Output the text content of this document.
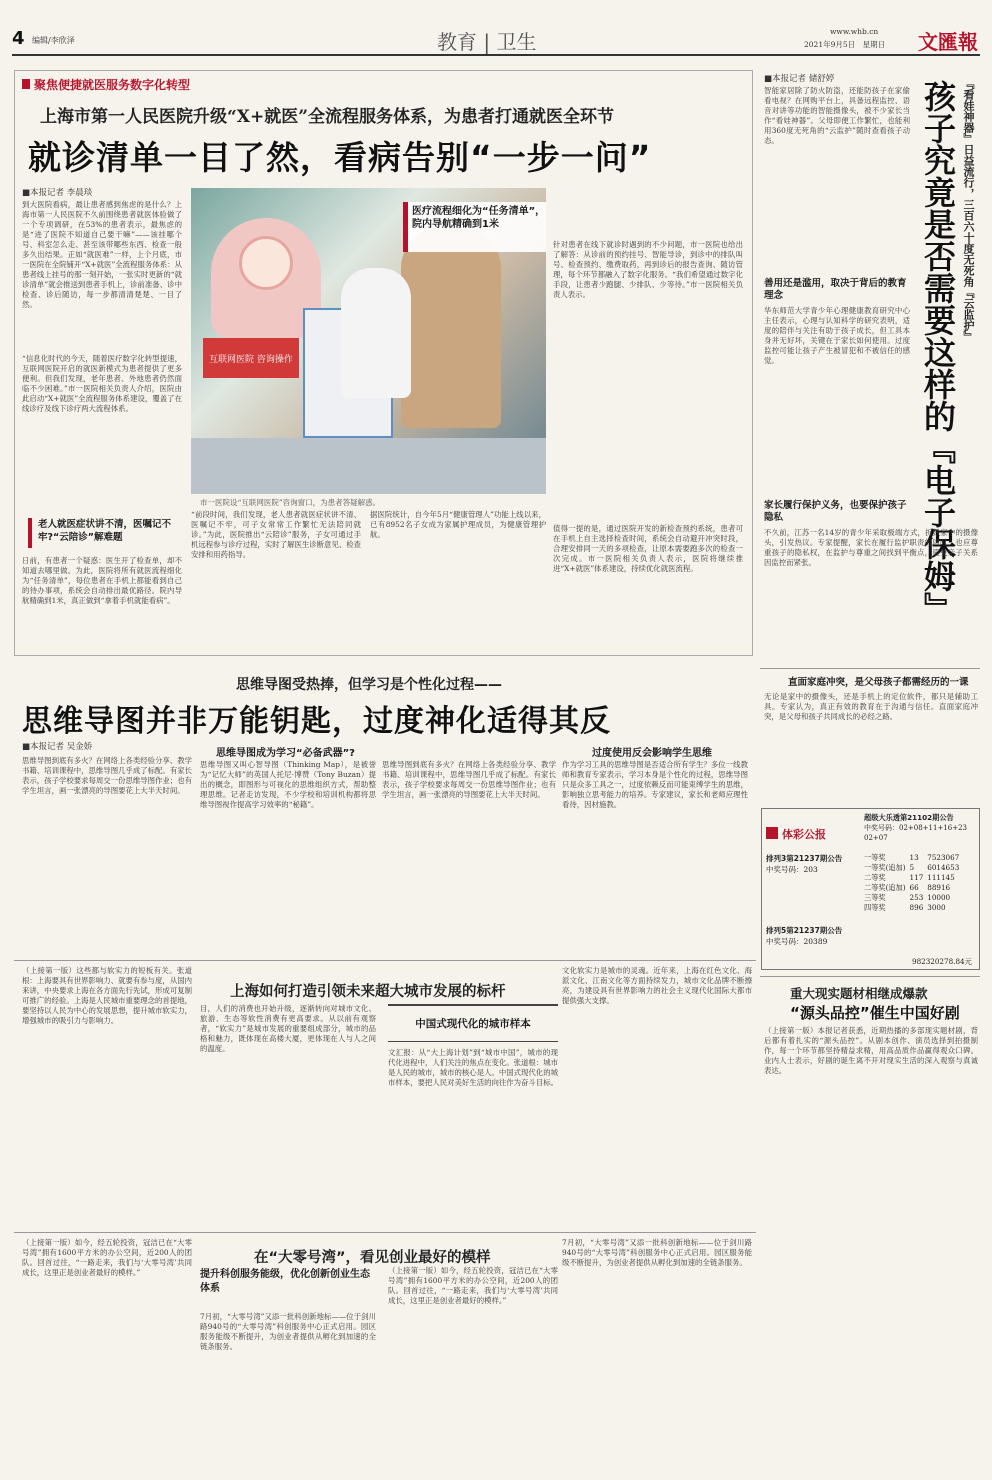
4 编辑/李欣泽	教育 | 卫生	www.whb.cn
2021年9月5日　星期日 文匯報
聚焦便捷就医服务数字化转型
上海市第一人民医院升级“X+就医”全流程服务体系，为患者打通就医全环节
就诊清单一目了然，看病告别“一步一问”
■本报记者 李晨琰
到大医院看病，最让患者感到焦虑的是什么？上海市第一人民医院不久前围绕患者就医体验做了一个专项调研，在53%的患者表示，最焦虑的是“进了医院不知道自己要干嘛”——该挂哪个号、科室怎么走、甚至该带哪些东西、检查一般多久出结果。正如“就医难”一样，上个月底，市一医院在全院铺开“X+就医”全流程服务体系：从患者线上挂号的那一刻开始，一张实时更新的“就诊清单”就会推送到患者手机上，诊前准备、诊中检查、诊后随访，每一步都清清楚楚、一目了然。
“信息化时代的今天，随着医疗数字化转型提速，互联网医院开启的就医新模式为患者提供了更多便利。但我们发现，老年患者、外地患者仍然面临不少困难。”市一医院相关负责人介绍，医院由此启动“X+就医”全流程服务体系建设，覆盖了在线诊疗及线下诊疗两大流程体系。
互联网医院 咨询操作
医疗流程细化为“任务清单”，院内导航精确到1米
市一医院设“互联网医院”咨询窗口，为患者答疑解惑。
针对患者在线下就诊时遇到的不少问题，市一医院也给出了解答：从诊前的预约挂号、智能导诊，到诊中的排队叫号、检查预约、缴费取药，再到诊后的报告查询、随访管理，每个环节都融入了数字化服务。“我们希望通过数字化手段，让患者少跑腿、少排队、少等待。”市一医院相关负责人表示。
值得一提的是，通过医院开发的新检查预约系统，患者可在手机上自主选择检查时间，系统会自动避开冲突时段，合理安排同一天的多项检查，让原本需要跑多次的检查一次完成。市一医院相关负责人表示，医院将继续推进“X+就医”体系建设，持续优化就医流程。
老人就医症状讲不清，医嘱记不牢?“云陪诊”解难题
日前，有患者一个疑惑：医生开了检查单，却不知道去哪里做。为此，医院将所有就医流程细化为“任务清单”，每位患者在手机上都能看到自己的待办事项，系统会自动排出最优路径。院内导航精确到1米，真正做到“拿着手机就能看病”。
“前段时间，我们发现，老人患者就医症状讲不清、医嘱记不牢，可子女常常工作繁忙无法陪同就诊。”为此，医院推出“云陪诊”服务，子女可通过手机远程参与诊疗过程，实时了解医生诊断意见、检查安排和用药指导。
据医院统计，自今年5月“健康管理人”功能上线以来，已有8952名子女成为家属护理成员，为健康管理护航。
■本报记者 储舒婷
智能家居除了防火防盗，还能防孩子在家偷看电视？在网购平台上，具备远程监控、语音对讲等功能的智能摄像头，被不少家长当作“看娃神器”。父母即便工作繁忙，也能利用360度无死角的“云监护”随时查看孩子动态。	『看娃神器』日益流行，三百六十度无死角『云监护』
孩子究竟是否需要这样的『电子保姆』
善用还是滥用，取决于背后的教育理念
华东师范大学青少年心理健康教育研究中心主任表示，心理与认知科学的研究表明，适度的陪伴与关注有助于孩子成长，但工具本身并无好坏，关键在于家长如何使用。过度监控可能让孩子产生被冒犯和不被信任的感觉。
家长履行保护义务，也要保护孩子隐私
不久前，江苏一名14岁的青少年采取极端方式，拆毁家中的摄像头，引发热议。专家提醒，家长在履行监护职责的同时，也应尊重孩子的隐私权，在监护与尊重之间找到平衡点，避免亲子关系因监控而紧张。
直面家庭冲突，是父母孩子都需经历的一课
无论是家中的摄像头，还是手机上的定位软件，都只是辅助工具。专家认为，真正有效的教育在于沟通与信任。直面家庭冲突，是父母和孩子共同成长的必经之路。
体彩公报
排列3第21237期公告
中奖号码：203
排列5第21237期公告
中奖号码：20389
超级大乐透第21102期公告
中奖号码：02+08+11+16+23 02+07
一等奖	13	7523067
一等奖(追加)	5	6014653
二等奖	117	111145
二等奖(追加)	66	88916
三等奖	253	10000
四等奖	896	3000
982320278.84元
思维导图受热捧，但学习是个性化过程——
思维导图并非万能钥匙，过度神化适得其反
■本报记者 吴金娇
思维导图到底有多火？在网络上各类经验分享、教学书籍、培训课程中，思维导图几乎成了标配。有家长表示，孩子学校要求每周交一份思维导图作业；也有学生坦言，画一张漂亮的导图要花上大半天时间。
思维导图成为学习“必备武器”?
思维导图又叫心智导图（Thinking Map），是被誉为“记忆大师”的英国人托尼·博赞（Tony Buzan）提出的概念，即图形与可视化的思维组织方式，帮助整理思维。记者走访发现，不少学校和培训机构都将思维导图视作提高学习效率的“秘籍”。
过度使用反会影响学生思维
作为学习工具的思维导图是否适合所有学生？多位一线教师和教育专家表示，学习本身是个性化的过程，思维导图只是众多工具之一，过度依赖反而可能束缚学生的思维，影响独立思考能力的培养。专家建议，家长和老师应理性看待，因材施教。
思维导图到底有多火？在网络上各类经验分享、教学书籍、培训课程中，思维导图几乎成了标配。有家长表示，孩子学校要求每周交一份思维导图作业；也有学生坦言，画一张漂亮的导图要花上大半天时间。
（上接第一版）这些都与软实力的短板有关。张道根：上海要具有世界影响力、就要有参与度，从国内来讲，中央要求上海在各方面先行先试，形成可复制可推广的经验。上海是人民城市重要理念的首提地，要坚持以人民为中心的发展思想，提升城市软实力，增强城市的吸引力与影响力。
上海如何打造引领未来超大城市发展的标杆
目，人们的消费也开始升级，逐渐转向对城市文化、旅游、生态等软性消费有更高要求。从以前有观察者，“软实力”是城市发展的重要组成部分，城市的品格和魅力，既体现在高楼大厦，更体现在人与人之间的温度。
中国式现代化的城市样本
文汇报：从“大上海计划”到“城市中国”，城市的现代化进程中，人们关注的焦点在变化。张道根：城市是人民的城市，城市的核心是人。中国式现代化的城市样本，要把人民对美好生活的向往作为奋斗目标。
文化软实力是城市的灵魂。近年来，上海在红色文化、海派文化、江南文化等方面持续发力，城市文化品牌不断擦亮，为建设具有世界影响力的社会主义现代化国际大都市提供强大支撑。
（上接第一版）如今，经五轮投资，冠洁已在“大零号湾”拥有1600平方米的办公空间，近200人的团队。回首过往，“一路走来，我们与‘大零号湾’共同成长，这里正是创业者最好的模样。”
在“大零号湾”，看见创业最好的模样
提升科创服务能级，优化创新创业生态体系
7月初，“大零号湾”又添一批科创新地标——位于剑川路940号的“大零号湾”科创服务中心正式启用。园区服务能级不断提升，为创业者提供从孵化到加速的全链条服务。
（上接第一版）如今，经五轮投资，冠洁已在“大零号湾”拥有1600平方米的办公空间，近200人的团队。回首过往，“一路走来，我们与‘大零号湾’共同成长，这里正是创业者最好的模样。”
7月初，“大零号湾”又添一批科创新地标——位于剑川路940号的“大零号湾”科创服务中心正式启用。园区服务能级不断提升，为创业者提供从孵化到加速的全链条服务。
重大现实题材相继成爆款
“源头品控”催生中国好剧
（上接第一版）本报记者获悉，近期热播的多部现实题材剧，背后都有着扎实的“源头品控”。从剧本创作、演员选择到拍摄制作，每一个环节都坚持精益求精，用高品质作品赢得观众口碑。业内人士表示，好剧的诞生离不开对现实生活的深入观察与真诚表达。
